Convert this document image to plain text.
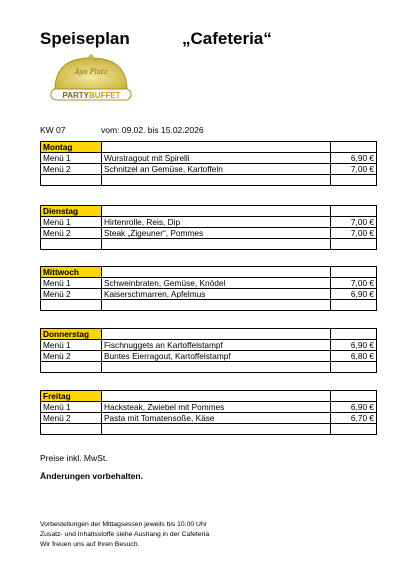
Speiseplan	„Cafeteria“
Aya Platz
PARTY BUFFET
KW 07	vom: 09.02. bis 15.02.2026
Montag		
Menü 1	Wurstragout mit Spirelli	6,90 €
Menü 2	Schnitzel an Gemüse, Kartoffeln	7,00 €

Dienstag		
Menü 1	Hirtenrolle, Reis, Dip	7,00 €
Menü 2	Steak „Zigeuner“, Pommes	7,00 €

Mittwoch		
Menü 1	Schweinbraten, Gemüse, Knödel	7,00 €
Menü 2	Kaiserschmarren, Apfelmus	6,90 €

Donnerstag		
Menü 1	Fischnuggets an Kartoffelstampf	6,90 €
Menü 2	Buntes Eierragout, Kartoffelstampf	6,80 €

Freitag		
Menü 1	Hacksteak, Zwiebel mit Pommes	6,90 €
Menü 2	Pasta mit Tomatensoße, Käse	6,70 €

Preise inkl. MwSt.
Änderungen vorbehalten.
Vorbestellungen der Mittagsessen jeweils bis 10.00 Uhr
Zusatz- und Inhaltsstoffe siehe Aushang in der Cafeteria
Wir freuen uns auf Ihren Besuch.
